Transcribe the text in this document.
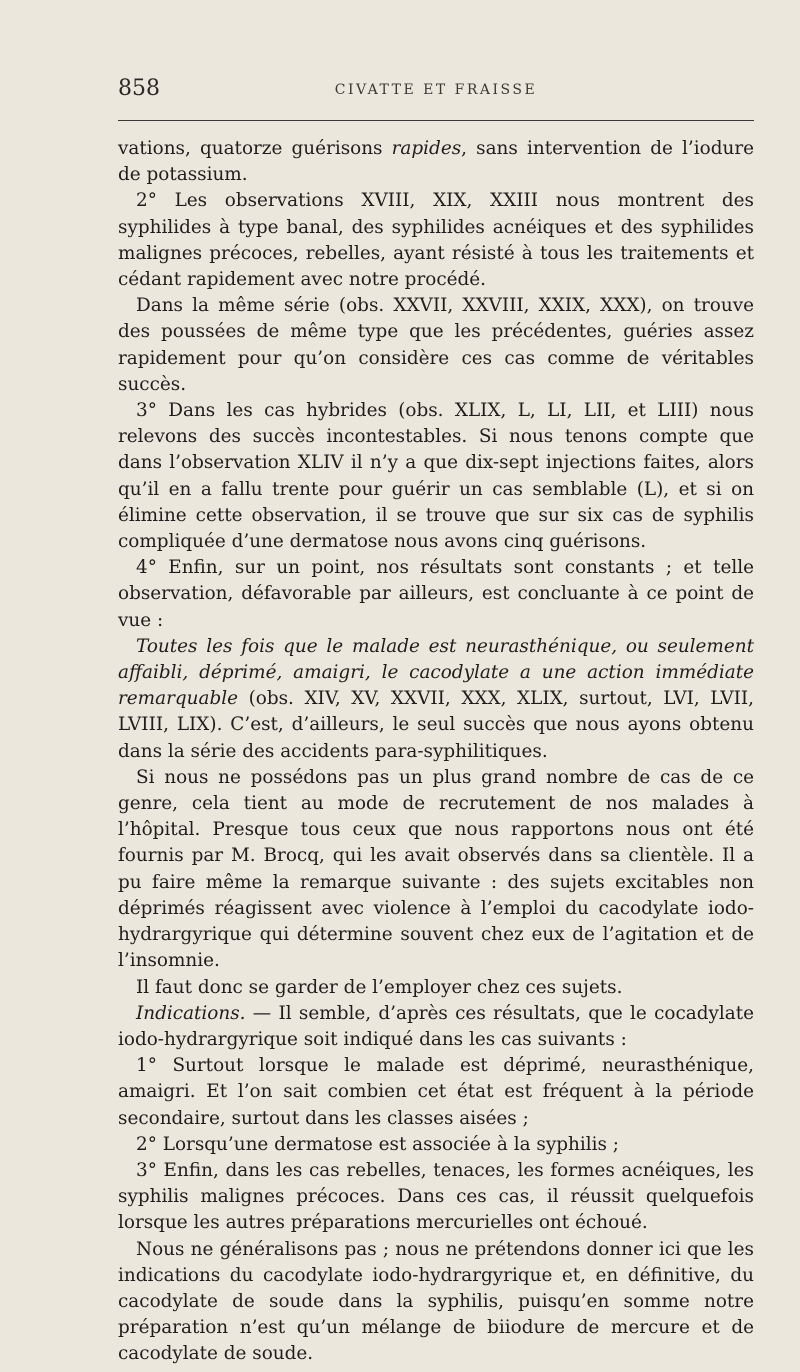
858	CIVATTE ET FRAISSE

vations, quatorze guérisons rapides, sans intervention de l’iodure de potassium.

2° Les observations XVIII, XIX, XXIII nous montrent des syphilides à type banal, des syphilides acnéiques et des syphilides malignes précoces, rebelles, ayant résisté à tous les traitements et cédant rapidement avec notre procédé.

Dans la même série (obs. XXVII, XXVIII, XXIX, XXX), on trouve des poussées de même type que les précédentes, guéries assez rapidement pour qu’on considère ces cas comme de véritables succès.

3° Dans les cas hybrides (obs. XLIX, L, LI, LII, et LIII) nous relevons des succès incontestables. Si nous tenons compte que dans l’observation XLIV il n’y a que dix-sept injections faites, alors qu’il en a fallu trente pour guérir un cas semblable (L), et si on élimine cette observation, il se trouve que sur six cas de syphilis compliquée d’une dermatose nous avons cinq guérisons.

4° Enfin, sur un point, nos résultats sont constants ; et telle observation, défavorable par ailleurs, est concluante à ce point de vue :

Toutes les fois que le malade est neurasthénique, ou seulement affaibli, déprimé, amaigri, le cacodylate a une action immédiate remarquable (obs. XIV, XV, XXVII, XXX, XLIX, surtout, LVI, LVII, LVIII, LIX). C’est, d’ailleurs, le seul succès que nous ayons obtenu dans la série des accidents para-syphilitiques.

Si nous ne possédons pas un plus grand nombre de cas de ce genre, cela tient au mode de recrutement de nos malades à l’hôpital. Presque tous ceux que nous rapportons nous ont été fournis par M. Brocq, qui les avait observés dans sa clientèle. Il a pu faire même la remarque suivante : des sujets excitables non déprimés réagissent avec violence à l’emploi du cacodylate iodo-hydrargyrique qui détermine souvent chez eux de l’agitation et de l’insomnie.

Il faut donc se garder de l’employer chez ces sujets.

Indications. — Il semble, d’après ces résultats, que le cocadylate iodo-hydrargyrique soit indiqué dans les cas suivants :

1° Surtout lorsque le malade est déprimé, neurasthénique, amaigri. Et l’on sait combien cet état est fréquent à la période secondaire, surtout dans les classes aisées ;

2° Lorsqu’une dermatose est associée à la syphilis ;

3° Enfin, dans les cas rebelles, tenaces, les formes acnéiques, les syphilis malignes précoces. Dans ces cas, il réussit quelquefois lorsque les autres préparations mercurielles ont échoué.

Nous ne généralisons pas ; nous ne prétendons donner ici que les indications du cacodylate iodo-hydrargyrique et, en définitive, du cacodylate de soude dans la syphilis, puisqu’en somme notre préparation n’est qu’un mélange de biiodure de mercure et de cacodylate de soude.
